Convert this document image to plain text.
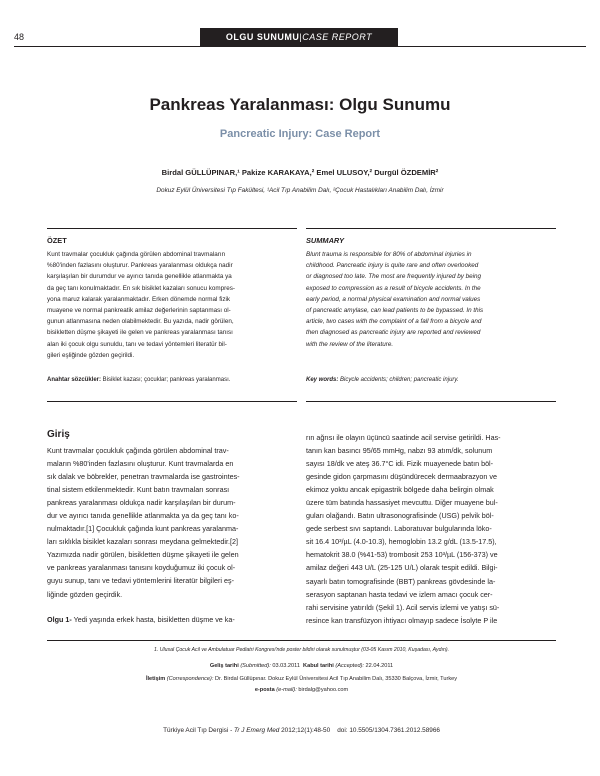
48	OLGU SUNUMU|CASE REPORT
Pankreas Yaralanması: Olgu Sunumu
Pancreatic Injury: Case Report
Birdal GÜLLÜPINAR,¹ Pakize KARAKAYA,² Emel ULUSOY,² Durgül ÖZDEMİR²
Dokuz Eylül Üniversitesi Tıp Fakültesi, ¹Acil Tıp Anabilim Dalı, ²Çocuk Hastalıkları Anabilim Dalı, İzmir
ÖZET
Kunt travmalar çocukluk çağında görülen abdominal travmaların
%80'inden fazlasını oluşturur. Pankreas yaralanması oldukça nadir
karşılaşılan bir durumdur ve ayırıcı tanıda genellikle atlanmakta ya
da geç tanı konulmaktadır. En sık bisiklet kazaları sonucu kompres-
yona maruz kalarak yaralanmaktadır. Erken dönemde normal fizik
muayene ve normal pankreatik amilaz değerlerinin saptanması ol-
gunun atlanmasına neden olabilmektedir. Bu yazıda, nadir görülen,
bisikletten düşme şikayeti ile gelen ve pankreas yaralanması tanısı
alan iki çocuk olgu sunuldu, tanı ve tedavi yöntemleri literatür bil-
gileri eşliğinde gözden geçirildi.
Anahtar sözcükler: Bisiklet kazası; çocuklar; pankreas yaralanması.
SUMMARY
Blunt trauma is responsible for 80% of abdominal injuries in
childhood. Pancreatic injury is quite rare and often overlooked
or diagnosed too late. The most are frequently injured by being
exposed to compression as a result of bicycle accidents. In the
early period, a normal physical examination and normal values
of pancreatic amylase, can lead patients to be bypassed. In this
article, two cases with the complaint of a fall from a bicycle and
then diagnosed as pancreatic injury are reported and reviewed
with the review of the literature.
Key words: Bicycle accidents; children; pancreatic injury.
Giriş
Kunt travmalar çocukluk çağında görülen abdominal trav-
maların %80'inden fazlasını oluşturur. Kunt travmalarda en
sık dalak ve böbrekler, penetran travmalarda ise gastrointes-
tinal sistem etkilenmektedir. Kunt batın travmaları sonrası
pankreas yaralanması oldukça nadir karşılaşılan bir durum-
dur ve ayırıcı tanıda genellikle atlanmakta ya da geç tanı ko-
nulmaktadır.[1] Çocukluk çağında kunt pankreas yaralanma-
ları sıklıkla bisiklet kazaları sonrası meydana gelmektedir.[2]
Yazımızda nadir görülen, bisikletten düşme şikayeti ile gelen
ve pankreas yaralanması tanısını koyduğumuz iki çocuk ol-
guyu sunup, tanı ve tedavi yöntemlerini literatür bilgileri eş-
liğinde gözden geçirdik.
Olgu 1- Yedi yaşında erkek hasta, bisikletten düşme ve ka-
rın ağrısı ile olayın üçüncü saatinde acil servise getirildi. Has-
tanın kan basıncı 95/65 mmHg, nabzı 93 atım/dk, solunum
sayısı 18/dk ve ateş 36.7°C idi. Fizik muayenede batın böl-
gesinde gidon çarpmasını düşündürecek dermaabrazyon ve
ekimoz yoktu ancak epigastrik bölgede daha belirgin olmak
üzere tüm batında hassasiyet mevcuttu. Diğer muayene bul-
guları olağandı. Batın ultrasonografisinde (USG) pelvik böl-
gede serbest sıvı saptandı. Laboratuvar bulgularında löko-
sit 16.4 10³/µL (4.0-10.3), hemoglobin 13.2 g/dL (13.5-17.5),
hematokrit 38.0 (%41-53) trombosit 253 10³/µL (156-373) ve
amilaz değeri 443 U/L (25-125 U/L) olarak tespit edildi. Bilgi-
sayarlı batın tomografisinde (BBT) pankreas gövdesinde la-
serasyon saptanan hasta tedavi ve izlem amacı çocuk cer-
rahi servisine yatırıldı (Şekil 1). Acil servis izlemi ve yatışı sü-
resince kan transfüzyon ihtiyacı olmayıp sadece İsolyte P ile
1. Ulusal Çocuk Acil ve Ambulatuar Pediatri Kongresi'nde poster bildiri olarak sunulmuştur (03-05 Kasım 2010, Kuşadası, Aydın).
Geliş tarihi (Submitted): 03.03.2011 Kabul tarihi (Accepted): 22.04.2011
İletişim (Correspondence): Dr. Birdal Güllüpınar. Dokuz Eylül Üniversitesi Acil Tıp Anabilim Dalı, 35330 Balçova, İzmir, Turkey
e-posta (e-mail): birdalg@yahoo.com
Türkiye Acil Tıp Dergisi - Tr J Emerg Med 2012;12(1):48-50 doi: 10.5505/1304.7361.2012.58966
